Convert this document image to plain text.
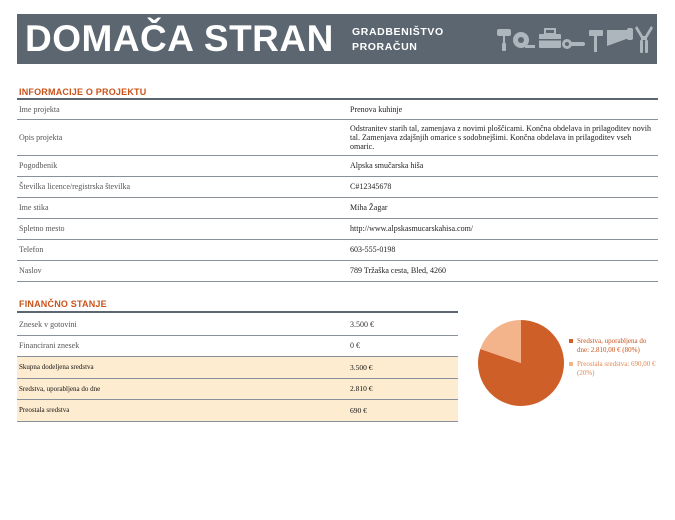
DOMAČA STRAN GRADBENIŠTVO
PRORAČUN
INFORMACIJE O PROJEKTU
Ime projekta	Prenova kuhinje
Opis projekta	Odstranitev starih tal, zamenjava z novimi ploščicami. Končna obdelava in prilagoditev novih tal. Zamenjava zdajšnjih omarice s sodobnejšimi. Končna obdelava in prilagoditev vseh omaric.
Pogodbenik	Alpska smučarska hiša
Številka licence/registrska številka	C#12345678
Ime stika	Miha Žagar
Spletno mesto	http://www.alpskasmucarskahisa.com/
Telefon	603-555-0198
Naslov	789 Tržaška cesta, Bled, 4260
FINANČNO STANJE
Znesek v gotovini	3.500 €
Financirani znesek	0 €
Skupna dodeljena sredstva	3.500 €
Sredstva, uporabljena do dne	2.810 €
Preostala sredstva	690 €
Sredstva, uporabljena do dne: 2.810,00 € (80%)
Preostala sredstva: 690,00 € (20%)
